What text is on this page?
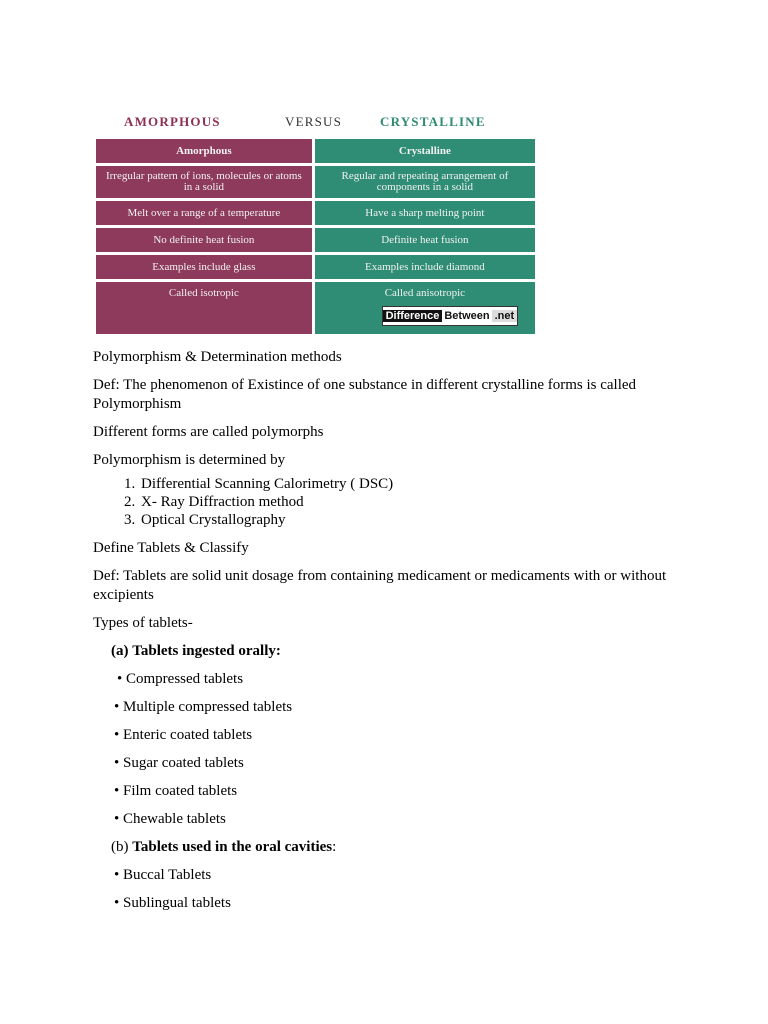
AMORPHOUS	VERSUS	CRYSTALLINE
Amorphous	Crystalline
Irregular pattern of ions, molecules or atoms in a solid	Regular and repeating arrangement of components in a solid
Melt over a range of a temperature	Have a sharp melting point
No definite heat fusion	Definite heat fusion
Examples include glass	Examples include diamond
Called isotropic	Called anisotropic
Difference Between .net

Polymorphism & Determination methods

Def: The phenomenon of Existince of one substance in different crystalline forms is called Polymorphism

Different forms are called polymorphs

Polymorphism is determined by

1. Differential Scanning Calorimetry ( DSC)
2. X- Ray Diffraction method
3. Optical Crystallography

Define Tablets & Classify

Def: Tablets are solid unit dosage from containing medicament or medicaments with or without excipients

Types of tablets-

(a) Tablets ingested orally:

• Compressed tablets

• Multiple compressed tablets

• Enteric coated tablets

• Sugar coated tablets

• Film coated tablets

• Chewable tablets

(b) Tablets used in the oral cavities:

• Buccal Tablets

• Sublingual tablets
